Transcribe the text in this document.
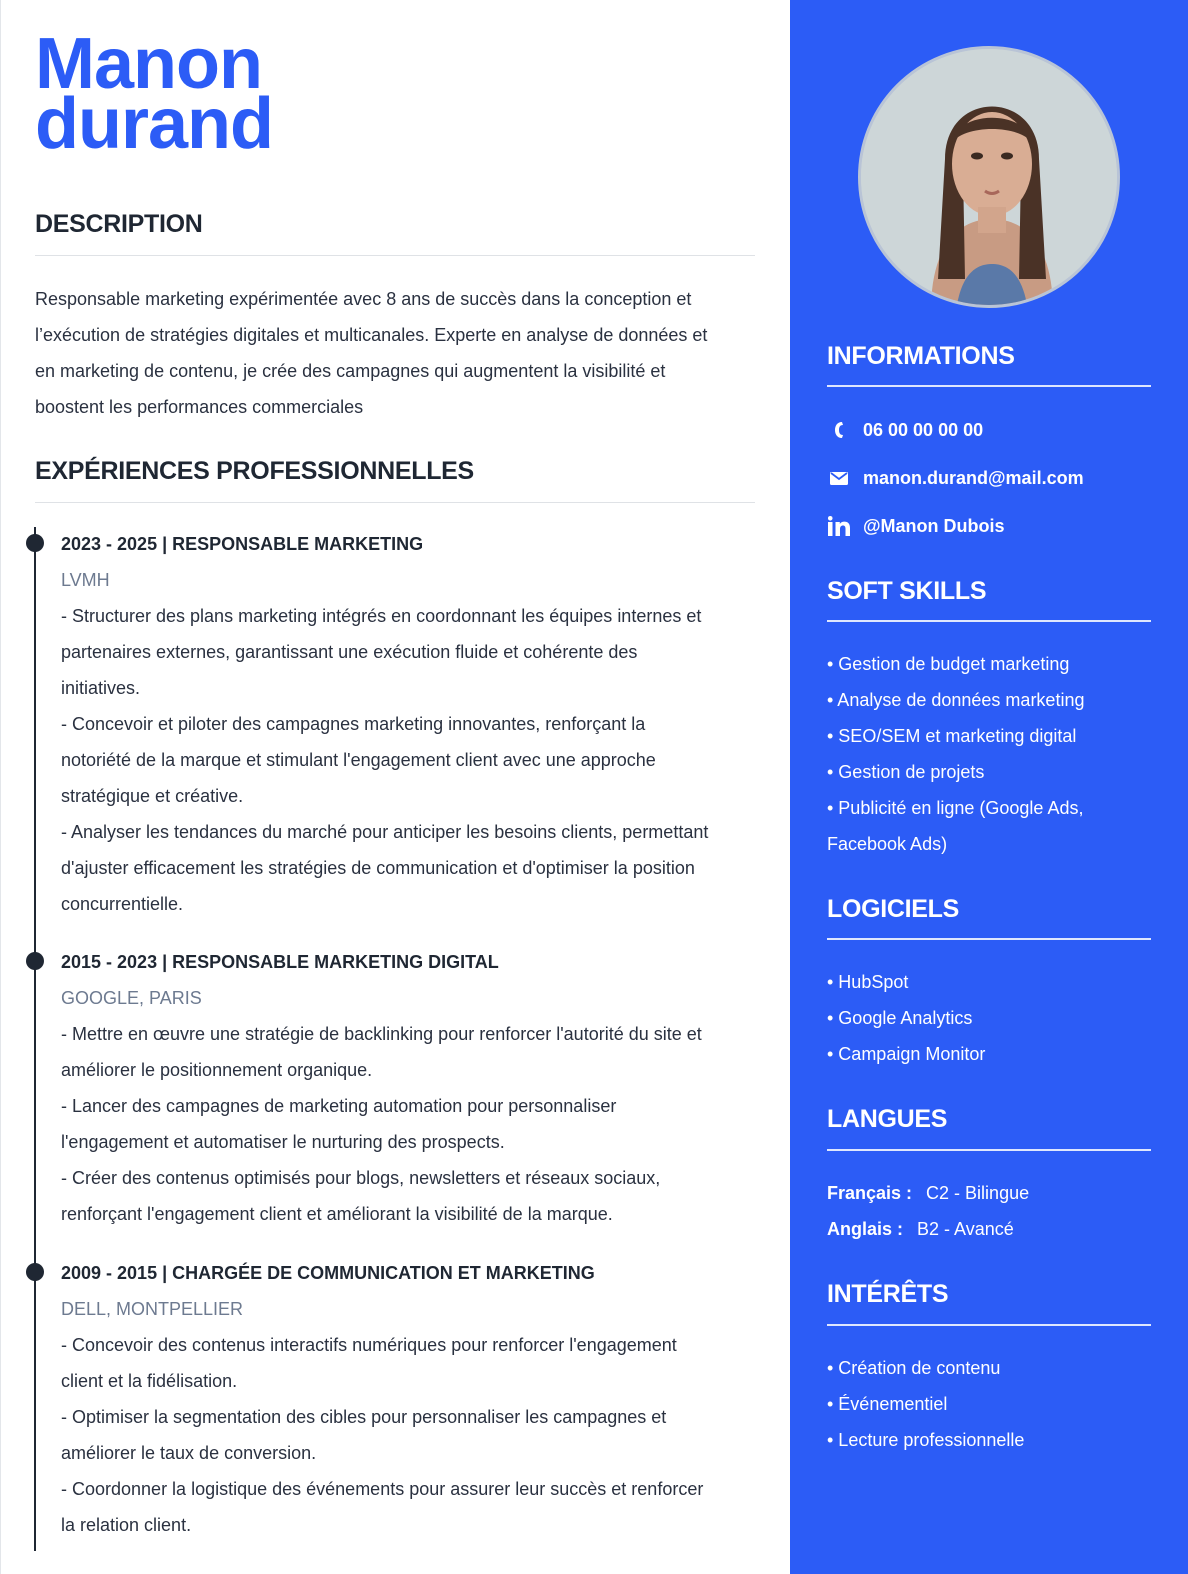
Manon
durand
DESCRIPTION
Responsable marketing expérimentée avec 8 ans de succès dans la conception et
l’exécution de stratégies digitales et multicanales. Experte en analyse de données et
en marketing de contenu, je crée des campagnes qui augmentent la visibilité et
boostent les performances commerciales
EXPÉRIENCES PROFESSIONNELLES
2023 - 2025 | RESPONSABLE MARKETING
LVMH
- Structurer des plans marketing intégrés en coordonnant les équipes internes et
partenaires externes, garantissant une exécution fluide et cohérente des
initiatives.
- Concevoir et piloter des campagnes marketing innovantes, renforçant la
notoriété de la marque et stimulant l'engagement client avec une approche
stratégique et créative.
- Analyser les tendances du marché pour anticiper les besoins clients, permettant
d'ajuster efficacement les stratégies de communication et d'optimiser la position
concurrentielle.
2015 - 2023 | RESPONSABLE MARKETING DIGITAL
GOOGLE, PARIS
- Mettre en œuvre une stratégie de backlinking pour renforcer l'autorité du site et
améliorer le positionnement organique.
- Lancer des campagnes de marketing automation pour personnaliser
l'engagement et automatiser le nurturing des prospects.
- Créer des contenus optimisés pour blogs, newsletters et réseaux sociaux,
renforçant l'engagement client et améliorant la visibilité de la marque.
2009 - 2015 | CHARGÉE DE COMMUNICATION ET MARKETING
DELL, MONTPELLIER
- Concevoir des contenus interactifs numériques pour renforcer l'engagement
client et la fidélisation.
- Optimiser la segmentation des cibles pour personnaliser les campagnes et
améliorer le taux de conversion.
- Coordonner la logistique des événements pour assurer leur succès et renforcer
la relation client.
INFORMATIONS
06 00 00 00 00
manon.durand@mail.com
@Manon Dubois
SOFT SKILLS
• Gestion de budget marketing
• Analyse de données marketing
• SEO/SEM et marketing digital
• Gestion de projets
• Publicité en ligne (Google Ads,
Facebook Ads)
LOGICIELS
• HubSpot
• Google Analytics
• Campaign Monitor
LANGUES
Français : C2 - Bilingue
Anglais : B2 - Avancé
INTÉRÊTS
• Création de contenu
• Événementiel
• Lecture professionnelle
